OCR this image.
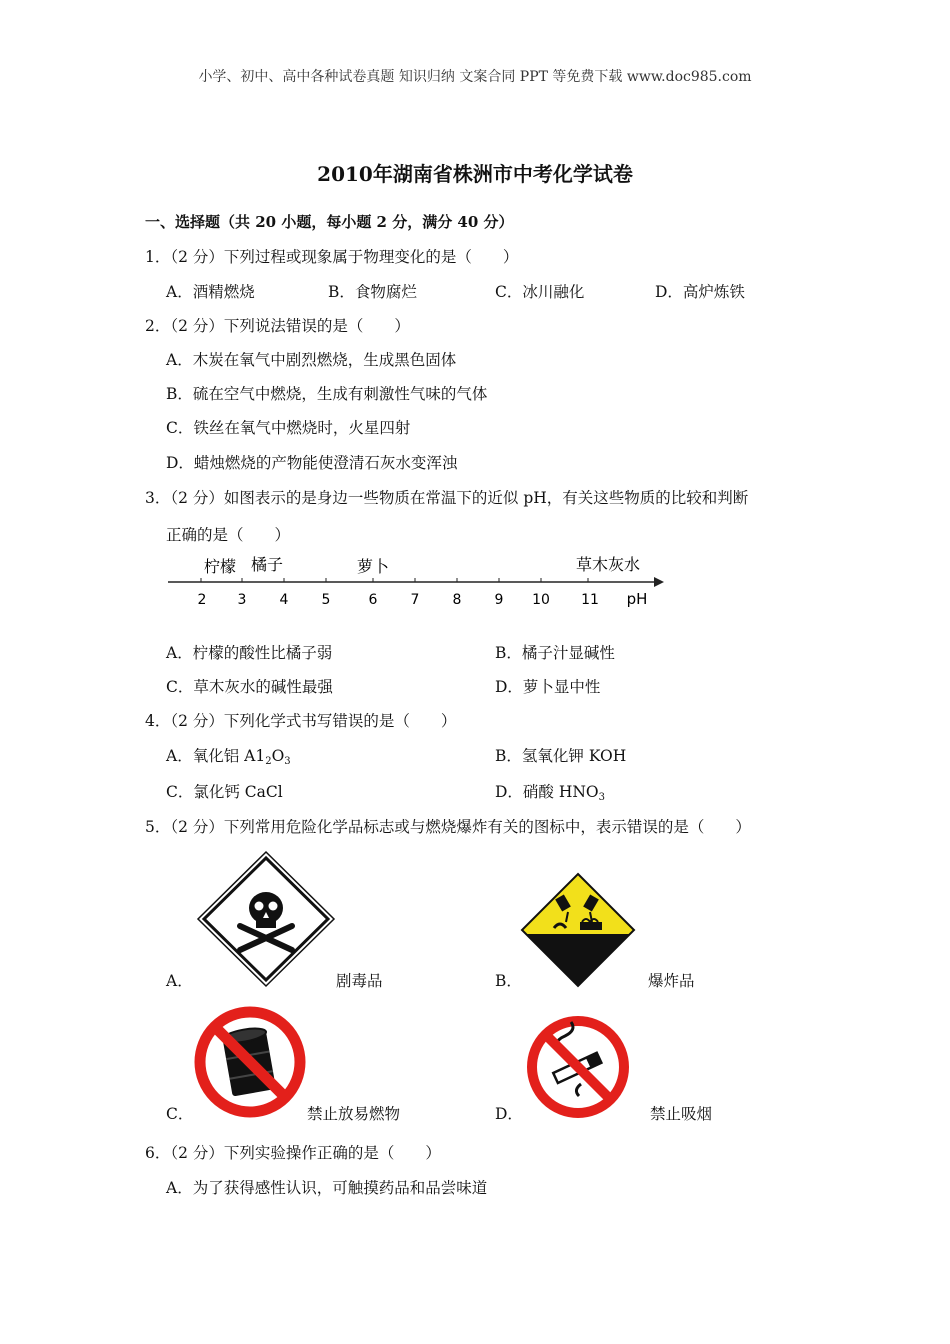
小学、初中、高中各种试卷真题 知识归纳 文案合同 PPT 等免费下载 www.doc985.com
2010年湖南省株洲市中考化学试卷
一、选择题（共 20 小题，每小题 2 分，满分 40 分）
1．（2 分）下列过程或现象属于物理变化的是（　　）
A．酒精燃烧	B．食物腐烂	C．冰川融化	D．高炉炼铁
2．（2 分）下列说法错误的是（　　）
A．木炭在氧气中剧烈燃烧，生成黑色固体
B．硫在空气中燃烧，生成有刺激性气味的气体
C．铁丝在氧气中燃烧时，火星四射
D．蜡烛燃烧的产物能使澄清石灰水变浑浊
3．（2 分）如图表示的是身边一些物质在常温下的近似 pH，有关这些物质的比较和判断
正确的是（　　）
2 3 4 5	6 7 8 9 10 11 pH
柠檬 橘子	萝卜	草木灰水
A．柠檬的酸性比橘子弱	B．橘子汁显碱性
C．草木灰水的碱性最强	D．萝卜显中性
4．（2 分）下列化学式书写错误的是（　　）
A．氧化铝 $A1_2O_3$	B．氢氧化钾 KOH
C．氯化钙 CaCl	D．硝酸 $HNO_3$
5．（2 分）下列常用危险化学品标志或与燃烧爆炸有关的图标中，表示错误的是（　　）
A．	剧毒品	B．	爆炸品
C．	禁止放易燃物	D．	禁止吸烟
6．（2 分）下列实验操作正确的是（　　）
A．为了获得感性认识，可触摸药品和品尝味道
